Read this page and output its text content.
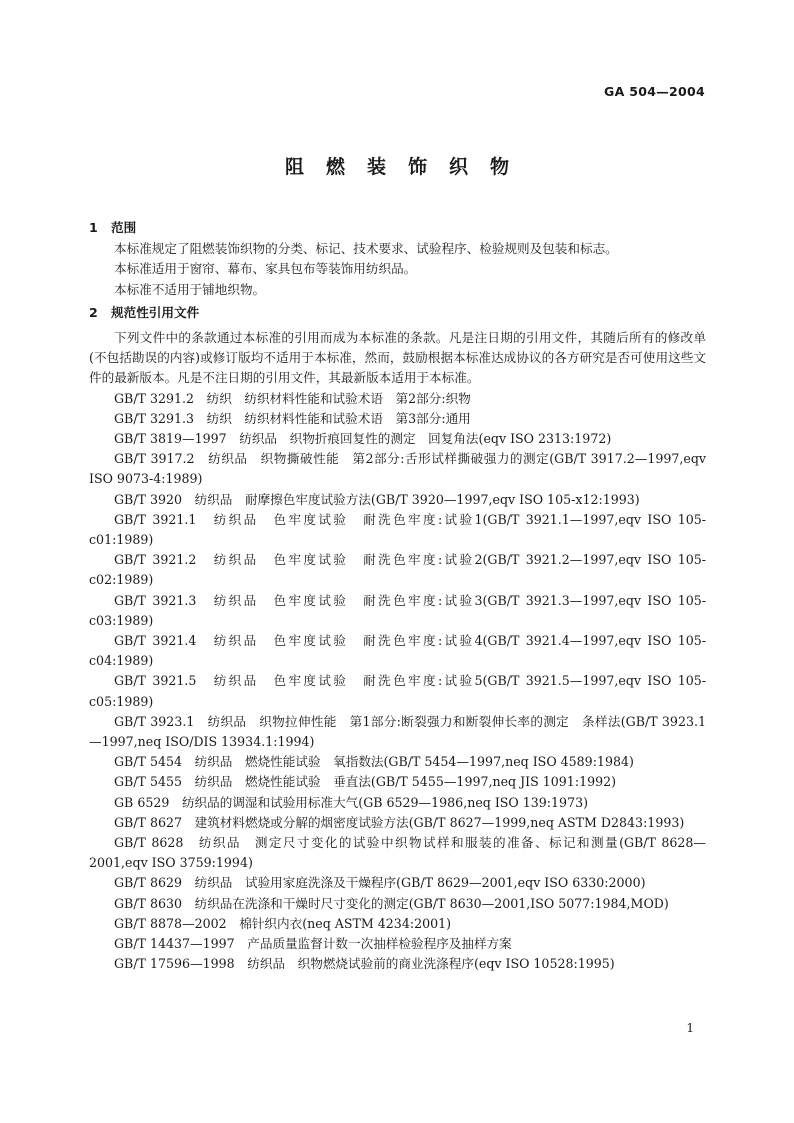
GA 504—2004
阻燃装饰织物
1 范围

本标准规定了阻燃装饰织物的分类、标记、技术要求、试验程序、检验规则及包装和标志。

本标准适用于窗帘、幕布、家具包布等装饰用纺织品。

本标准不适用于铺地织物。

2 规范性引用文件

下列文件中的条款通过本标准的引用而成为本标准的条款。凡是注日期的引用文件，其随后所有的修改单(不包括勘误的内容)或修订版均不适用于本标准，然而，鼓励根据本标准达成协议的各方研究是否可使用这些文件的最新版本。凡是不注日期的引用文件，其最新版本适用于本标准。

GB/T 3291.2　纺织　纺织材料性能和试验术语　第2部分:织物

GB/T 3291.3　纺织　纺织材料性能和试验术语　第3部分:通用

GB/T 3819—1997　纺织品　织物折痕回复性的测定　回复角法(eqv ISO 2313:1972)

GB/T 3917.2　纺织品　织物撕破性能　第2部分:舌形试样撕破强力的测定(GB/T 3917.2—1997,eqv ISO 9073-4:1989)

GB/T 3920　纺织品　耐摩擦色牢度试验方法(GB/T 3920—1997,eqv ISO 105-x12:1993)

GB/T 3921.1　纺织品　色牢度试验　耐洗色牢度:试验1(GB/T 3921.1—1997,eqv ISO 105-c01:1989)

GB/T 3921.2　纺织品　色牢度试验　耐洗色牢度:试验2(GB/T 3921.2—1997,eqv ISO 105-c02:1989)

GB/T 3921.3　纺织品　色牢度试验　耐洗色牢度:试验3(GB/T 3921.3—1997,eqv ISO 105-c03:1989)

GB/T 3921.4　纺织品　色牢度试验　耐洗色牢度:试验4(GB/T 3921.4—1997,eqv ISO 105-c04:1989)

GB/T 3921.5　纺织品　色牢度试验　耐洗色牢度:试验5(GB/T 3921.5—1997,eqv ISO 105-c05:1989)

GB/T 3923.1　纺织品　织物拉伸性能　第1部分:断裂强力和断裂伸长率的测定　条样法(GB/T 3923.1—1997,neq ISO/DIS 13934.1:1994)

GB/T 5454　纺织品　燃烧性能试验　氧指数法(GB/T 5454—1997,neq ISO 4589:1984)

GB/T 5455　纺织品　燃烧性能试验　垂直法(GB/T 5455—1997,neq JIS 1091:1992)

GB 6529　纺织品的调湿和试验用标准大气(GB 6529—1986,neq ISO 139:1973)

GB/T 8627　建筑材料燃烧或分解的烟密度试验方法(GB/T 8627—1999,neq ASTM D2843:1993)

GB/T 8628　纺织品　测定尺寸变化的试验中织物试样和服装的准备、标记和测量(GB/T 8628—2001,eqv ISO 3759:1994)

GB/T 8629　纺织品　试验用家庭洗涤及干燥程序(GB/T 8629—2001,eqv ISO 6330:2000)

GB/T 8630　纺织品在洗涤和干燥时尺寸变化的测定(GB/T 8630—2001,ISO 5077:1984,MOD)

GB/T 8878—2002　棉针织内衣(neq ASTM 4234:2001)

GB/T 14437—1997　产品质量监督计数一次抽样检验程序及抽样方案

GB/T 17596—1998　纺织品　织物燃烧试验前的商业洗涤程序(eqv ISO 10528:1995)

1
